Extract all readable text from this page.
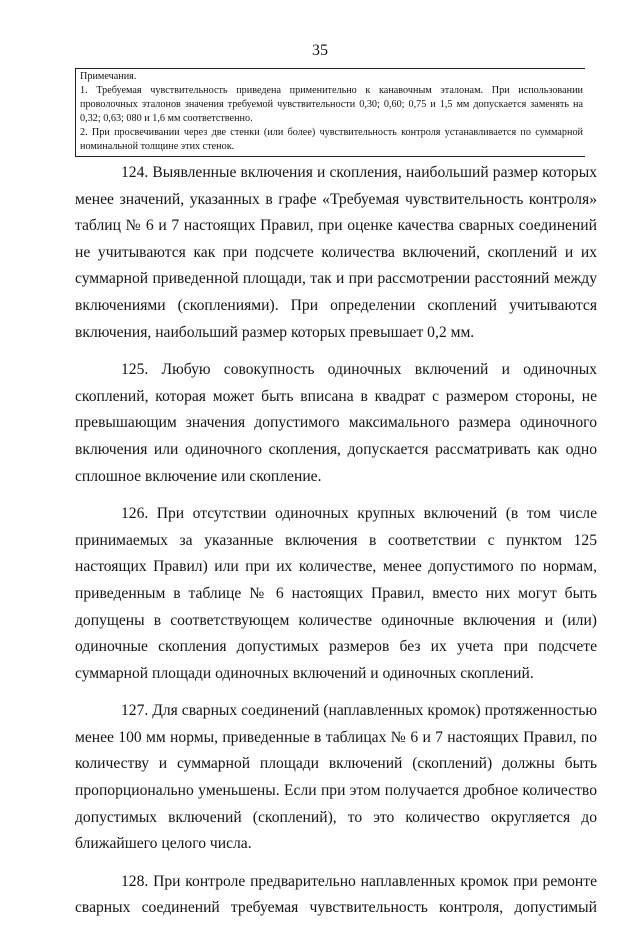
35

Примечания.

1. Требуемая чувствительность приведена применительно к канавочным эталонам. При использовании проволочных эталонов значения требуемой чувствительности 0,30; 0,60; 0,75 и 1,5 мм допускается заменять на 0,32; 0,63; 080 и 1,6 мм соответственно.

2. При просвечивании через две стенки (или более) чувствительность контроля устанавливается по суммарной номинальной толщине этих стенок.

124. Выявленные включения и скопления, наибольший размер которых менее значений, указанных в графе «Требуемая чувствительность контроля» таблиц № 6 и 7 настоящих Правил, при оценке качества сварных соединений не учитываются как при подсчете количества включений, скоплений и их суммарной приведенной площади, так и при рассмотрении расстояний между включениями (скоплениями). При определении скоплений учитываются включения, наибольший размер которых превышает 0,2 мм.

125. Любую совокупность одиночных включений и одиночных скоплений, которая может быть вписана в квадрат с размером стороны, не превышающим значения допустимого максимального размера одиночного включения или одиночного скопления, допускается рассматривать как одно сплошное включение или скопление.

126. При отсутствии одиночных крупных включений (в том числе принимаемых за указанные включения в соответствии с пунктом 125 настоящих Правил) или при их количестве, менее допустимого по нормам, приведенным в таблице № 6 настоящих Правил, вместо них могут быть допущены в соответствующем количестве одиночные включения и (или) одиночные скопления допустимых размеров без их учета при подсчете суммарной площади одиночных включений и одиночных скоплений.

127. Для сварных соединений (наплавленных кромок) протяженностью менее 100 мм нормы, приведенные в таблицах № 6 и 7 настоящих Правил, по количеству и суммарной площади включений (скоплений) должны быть пропорционально уменьшены. Если при этом получается дробное количество допустимых включений (скоплений), то это количество округляется до ближайшего целого числа.

128. При контроле предварительно наплавленных кромок при ремонте сварных соединений требуемая чувствительность контроля, допустимый
